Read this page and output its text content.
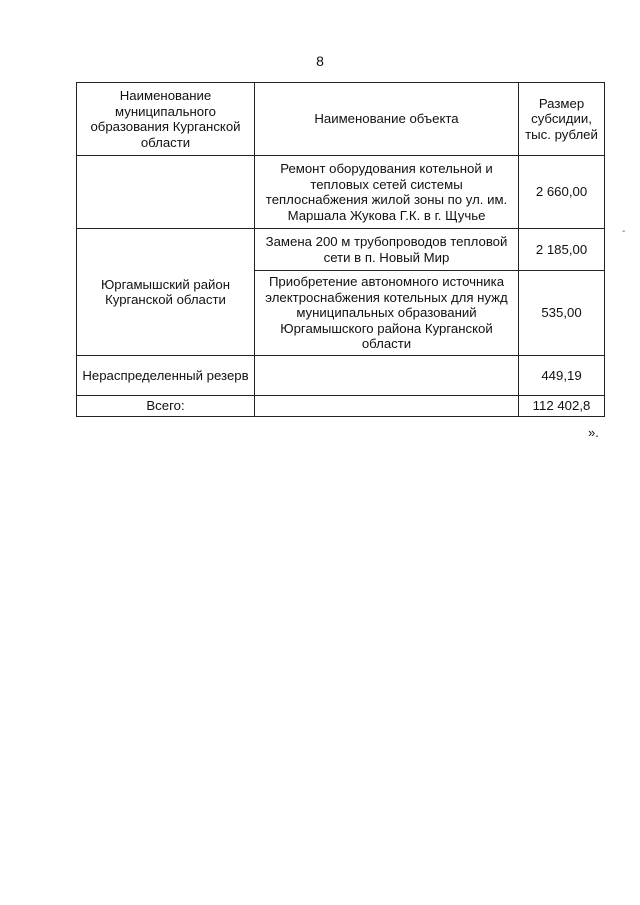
8
-
Наименование муниципального образования Курганской области	Наименование объекта	Размер субсидии, тыс. рублей
	Ремонт оборудования котельной и тепловых сетей системы теплоснабжения жилой зоны по ул. им. Маршала Жукова Г.К. в г. Щучье	2 660,00
Юргамышский район Курганской области	Замена 200 м трубопроводов тепловой сети в п. Новый Мир	2 185,00
	Приобретение автономного источника электроснабжения котельных для нужд муниципальных образований Юргамышского района Курганской области	535,00
Нераспределенный резерв		449,19
Всего:		112 402,8
».
